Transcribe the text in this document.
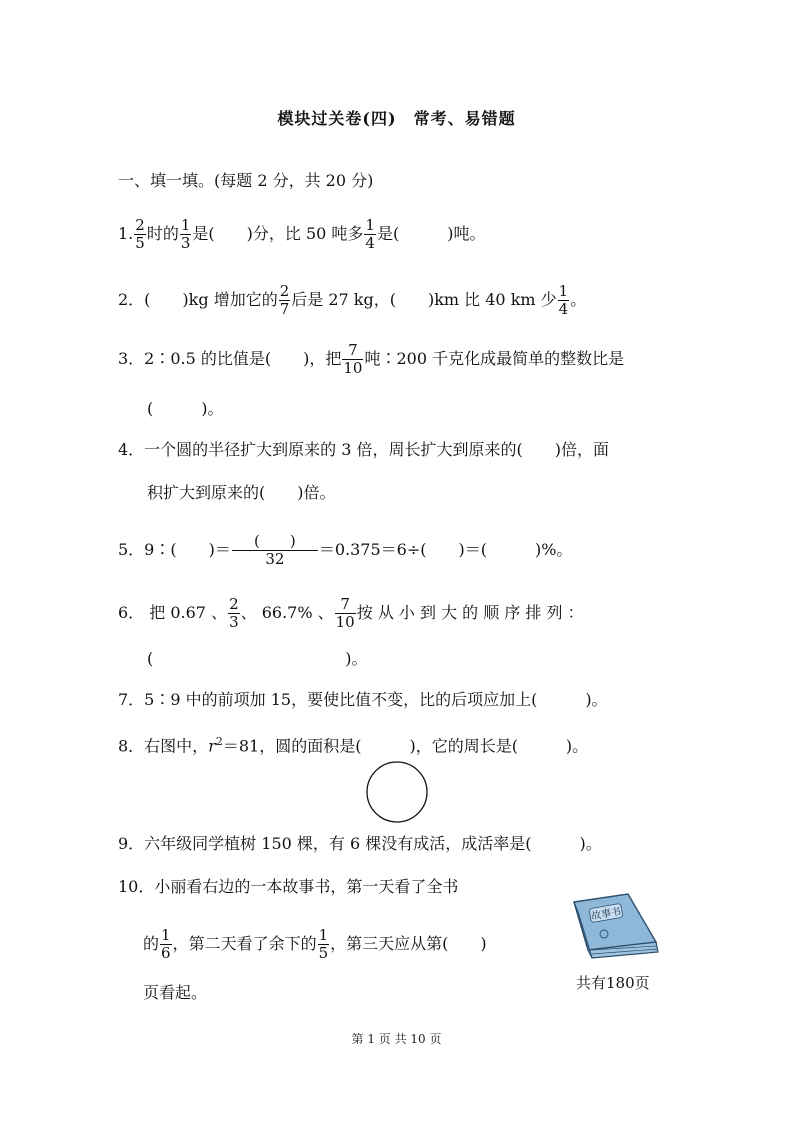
模块过关卷(四)　常考、易错题
一、填一填。(每题 2 分，共 20 分)
1. $\frac{2}{5}$ 时的 $\frac{1}{3}$ 是(　　)分，比 50 吨多 $\frac{1}{4}$ 是(　　　)吨。
2．(　　)kg 增加它的 $\frac{2}{7}$ 后是 27 kg，(　　)km 比 40 km 少 $\frac{1}{4}$ 。
3．2∶0.5 的比值是(　　)，把 $\frac{7}{10}$ 吨∶200 千克化成最简单的整数比是
(　　　)。
4．一个圆的半径扩大到原来的 3 倍，周长扩大到原来的(　　)倍，面
积扩大到原来的(　　)倍。
5．9∶(　　)＝ $\frac{( )}{32} =0.375=6\div$(　　)＝(　　　)%。
6． 把 0.67 、 $\frac{2}{3}$ 、 66.7% 、 $\frac{7}{10}$ 按 从 小 到 大 的 顺 序 排 列 ：
(　　　　　　　　　　　　)。
7．5∶9 中的前项加 15，要使比值不变，比的后项应加上(　　　)。
8．右图中，$r^2=81$，圆的面积是(　　　)，它的周长是(　　　)。
9．六年级同学植树 150 棵，有 6 棵没有成活，成活率是(　　　)。
10．小丽看右边的一本故事书，第一天看了全书
的 $\frac{1}{6}$ ，第二天看了余下的 $\frac{1}{5}$ ，第三天应从第(　　)
页看起。
故事书
共有180页
第 1 页 共 10 页
